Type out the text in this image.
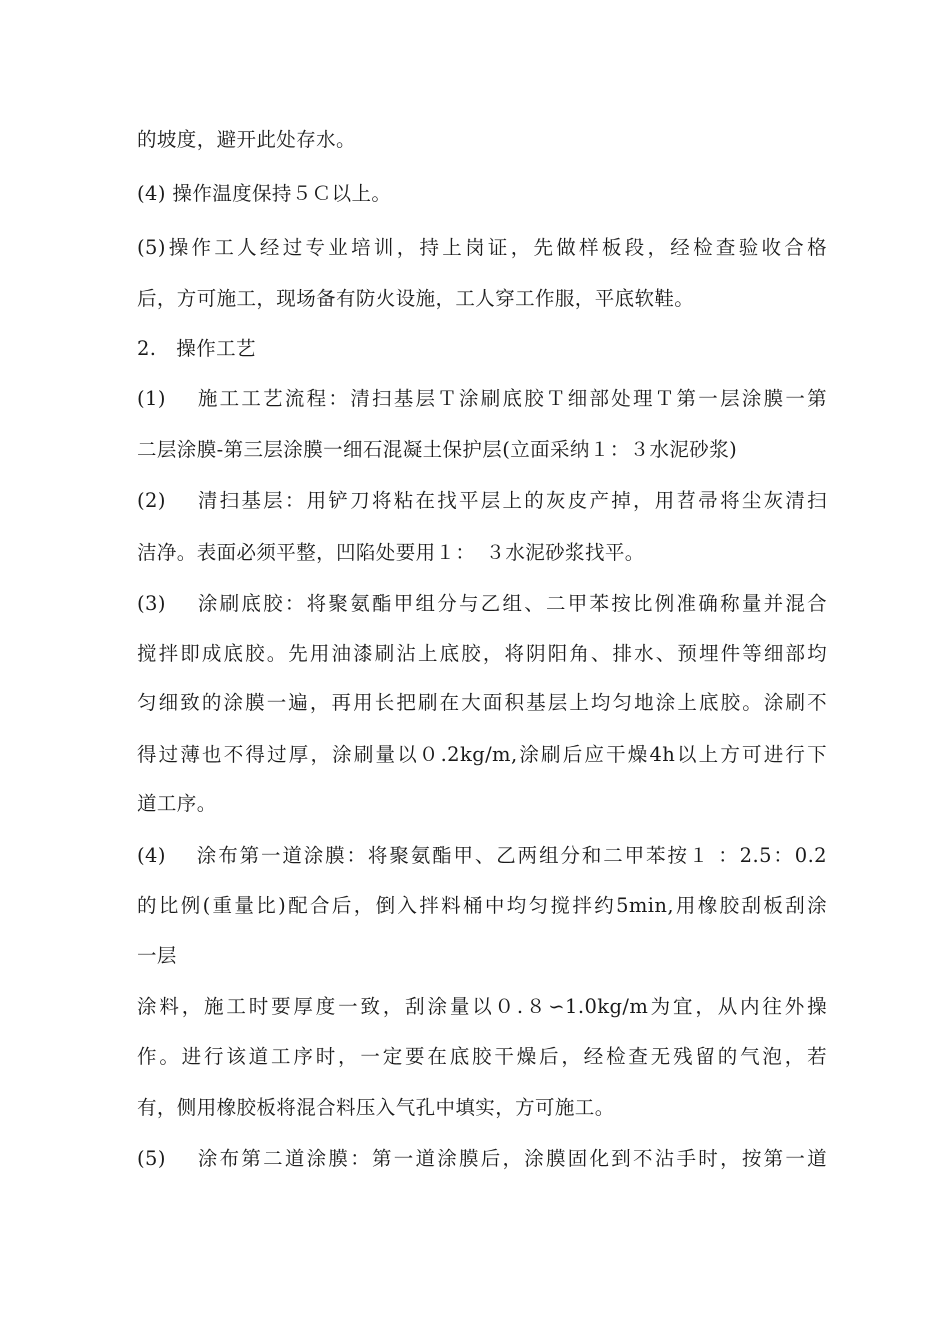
的坡度，避开此处存水。
(4) 操作温度保持５Ｃ以上。
(5)操作工人经过专业培训，持上岗证，先做样板段，经检查验收合格
后，方可施工，现场备有防火设施，工人穿工作服，平底软鞋。
2.　操作工艺
(1)　 施工工艺流程：清扫基层Ｔ涂刷底胶Ｔ细部处理Ｔ第一层涂膜一第
二层涂膜-第三层涂膜一细石混凝土保护层(立面采纳１：３水泥砂浆)
(2)　 清扫基层：用铲刀将粘在找平层上的灰皮产掉，用苕帚将尘灰清扫
洁净。表面必须平整，凹陷处要用１：　３水泥砂浆找平。
(3)　 涂刷底胶：将聚氨酯甲组分与乙组、二甲苯按比例准确称量并混合
搅拌即成底胶。先用油漆刷沾上底胶，将阴阳角、排水、预埋件等细部均
匀细致的涂膜一遍，再用长把刷在大面积基层上均匀地涂上底胶。涂刷不
得过薄也不得过厚，涂刷量以０.2kg/m,涂刷后应干燥4h以上方可进行下
道工序。
(4)　 涂布第一道涂膜：将聚氨酯甲、乙两组分和二甲苯按１ ：2.5：0.2
的比例(重量比)配合后，倒入拌料桶中均匀搅拌约5min,用橡胶刮板刮涂
一层
涂料，施工时要厚度一致，刮涂量以０.８∽1.0kg/m为宜，从内往外操
作。进行该道工序时，一定要在底胶干燥后，经检查无残留的气泡，若
有，侧用橡胶板将混合料压入气孔中填实，方可施工。
(5)　 涂布第二道涂膜：第一道涂膜后，涂膜固化到不沾手时，按第一道
